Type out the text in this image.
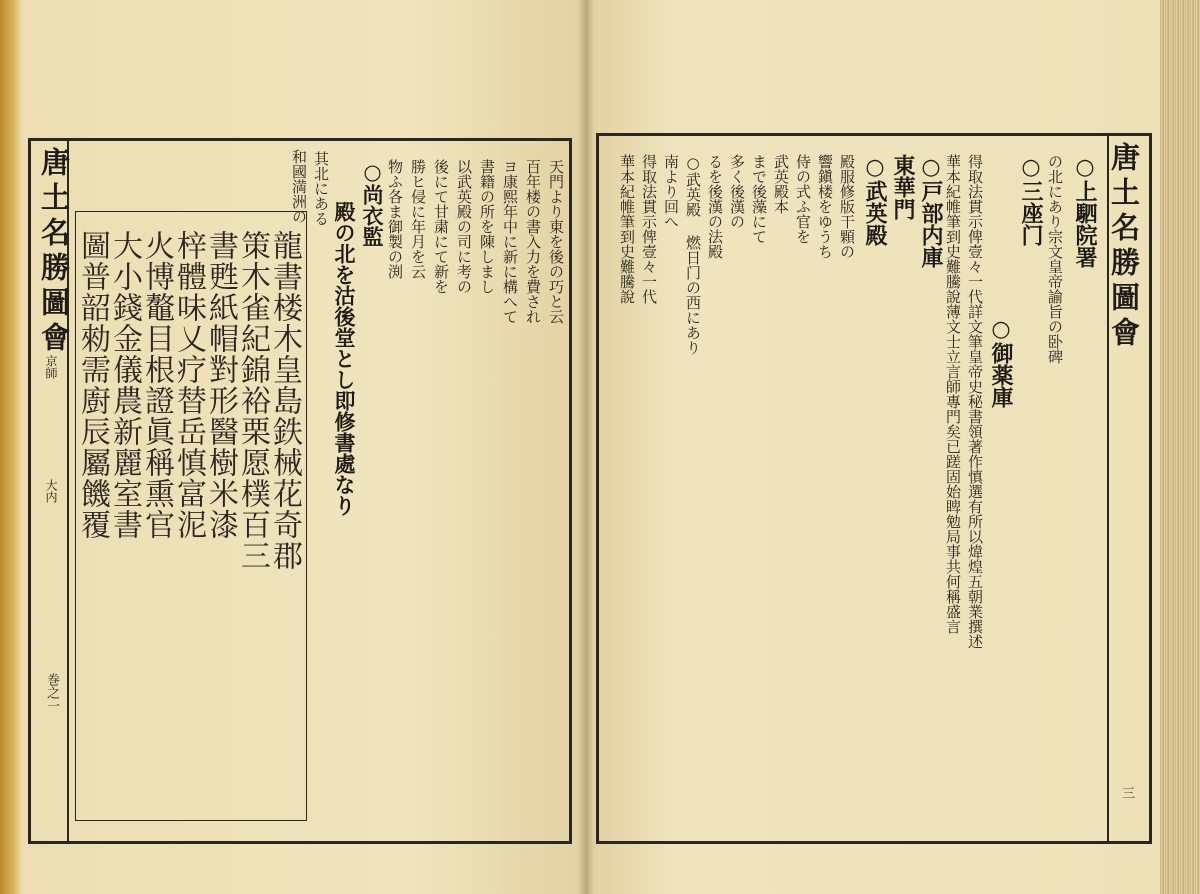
唐土名勝圖會
京師
大内
巻之一
龍書楼木皇島鉄械花奇郡
策木雀紀錦裕栗愿樸百三
書甦紙帽對形醫樹米漆
梓體味乂疗替岳慎富泥
火博鼇目根證眞稱熏官
大小錢金儀農新麗室書
圖普韶勑需廚辰屬饑覆	天門より東を後の巧と云
百年楼の書入力を費され
ヨ康熙年中に新に構へて
書籍の所を陳しまし
以武英殿の司に考の
後にて甘粛にて新を
勝ヒ侵に年月を云
物ふ各ま御製の渕
○尚衣監
殿の北を沽後堂とし即修書處なり
其北にある
和國満洲の	唐土名勝圖會
三
○上駟院署
の北にあり宗文皇帝諭旨の卧碑
○三座门
○御薬庫
得取法貫示俾壹々一代詳文筆皇帝史秘書領著作慎選有所以煒煌五朝業撰述
華本紀帷筆到史難騰說薄文士立言師專門矣已蹉固始睥勉局事共何稱盛言
○戸部内庫
東華門
○武英殿
殿服修版干顆の
響鎭楼をゆうち
侍の式ふ官を
武英殿本
まで後藻にて
多く後漢の
るを後漢の法殿
○武英殿 燃日门の西にあり
南より回へ
得取法貫示俾壹々一代
華本紀帷筆到史難騰說
